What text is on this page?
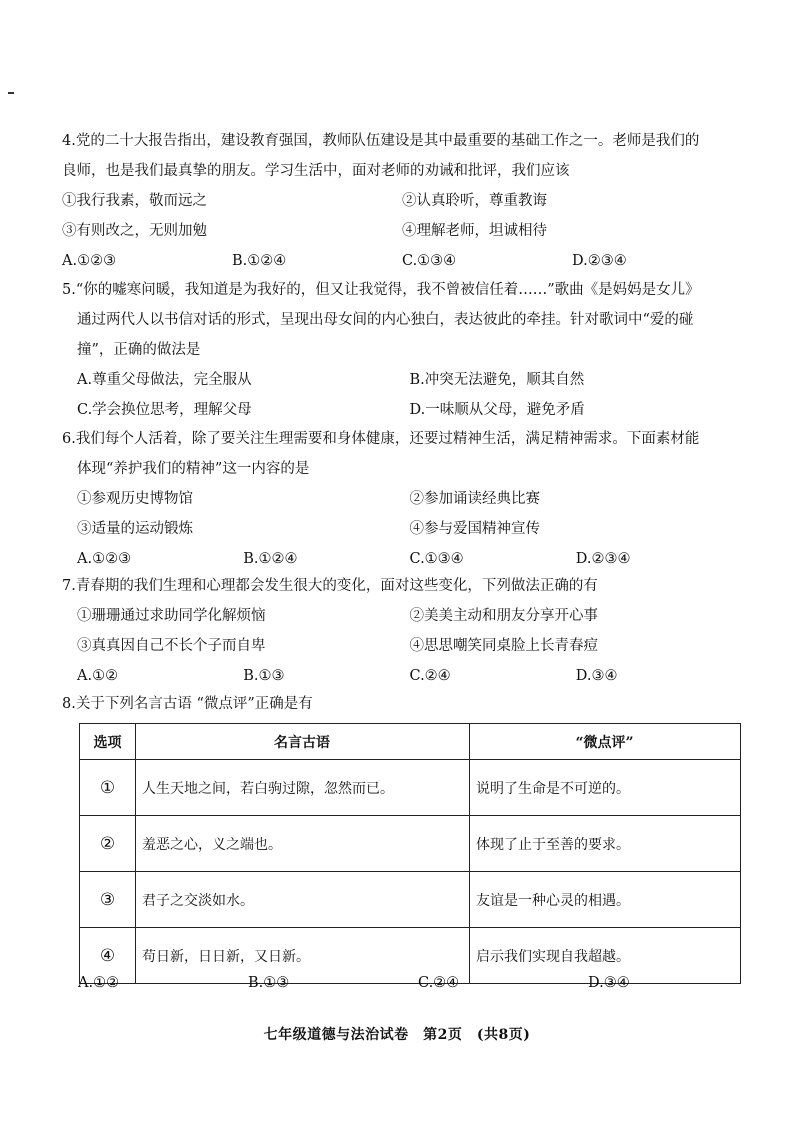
4.党的二十大报告指出，建设教育强国，教师队伍建设是其中最重要的基础工作之一。老师是我们的
良师，也是我们最真挚的朋友。学习生活中，面对老师的劝诫和批评，我们应该
①我行我素，敬而远之	②认真聆听，尊重教诲
③有则改之，无则加勉	④理解老师，坦诚相待
A.①②③	B.①②④	C.①③④	D.②③④
5.“你的嘘寒问暖，我知道是为我好的，但又让我觉得，我不曾被信任着……”歌曲《是妈妈是女儿》
通过两代人以书信对话的形式，呈现出母女间的内心独白，表达彼此的牵挂。针对歌词中“爱的碰
撞”，正确的做法是
A.尊重父母做法，完全服从	B.冲突无法避免，顺其自然
C.学会换位思考，理解父母	D.一味顺从父母，避免矛盾
6.我们每个人活着，除了要关注生理需要和身体健康，还要过精神生活，满足精神需求。下面素材能
体现“养护我们的精神”这一内容的是
①参观历史博物馆	②参加诵读经典比赛
③适量的运动锻炼	④参与爱国精神宣传
A.①②③	B.①②④	C.①③④	D.②③④
7.青春期的我们生理和心理都会发生很大的变化，面对这些变化，下列做法正确的有
①珊珊通过求助同学化解烦恼	②美美主动和朋友分享开心事
③真真因自己不长个子而自卑	④思思嘲笑同桌脸上长青春痘
A.①②	B.①③	C.②④	D.③④
8.关于下列名言古语 “微点评”正确是有
选项	名言古语	“微点评”
①	人生天地之间，若白驹过隙，忽然而已。	说明了生命是不可逆的。
②	羞恶之心，义之端也。	体现了止于至善的要求。
③	君子之交淡如水。	友谊是一种心灵的相遇。
④	苟日新，日日新，又日新。	启示我们实现自我超越。
A.①②	B.①③	C.②④	D.③④
七年级道德与法治试卷　第2页　(共8页)
